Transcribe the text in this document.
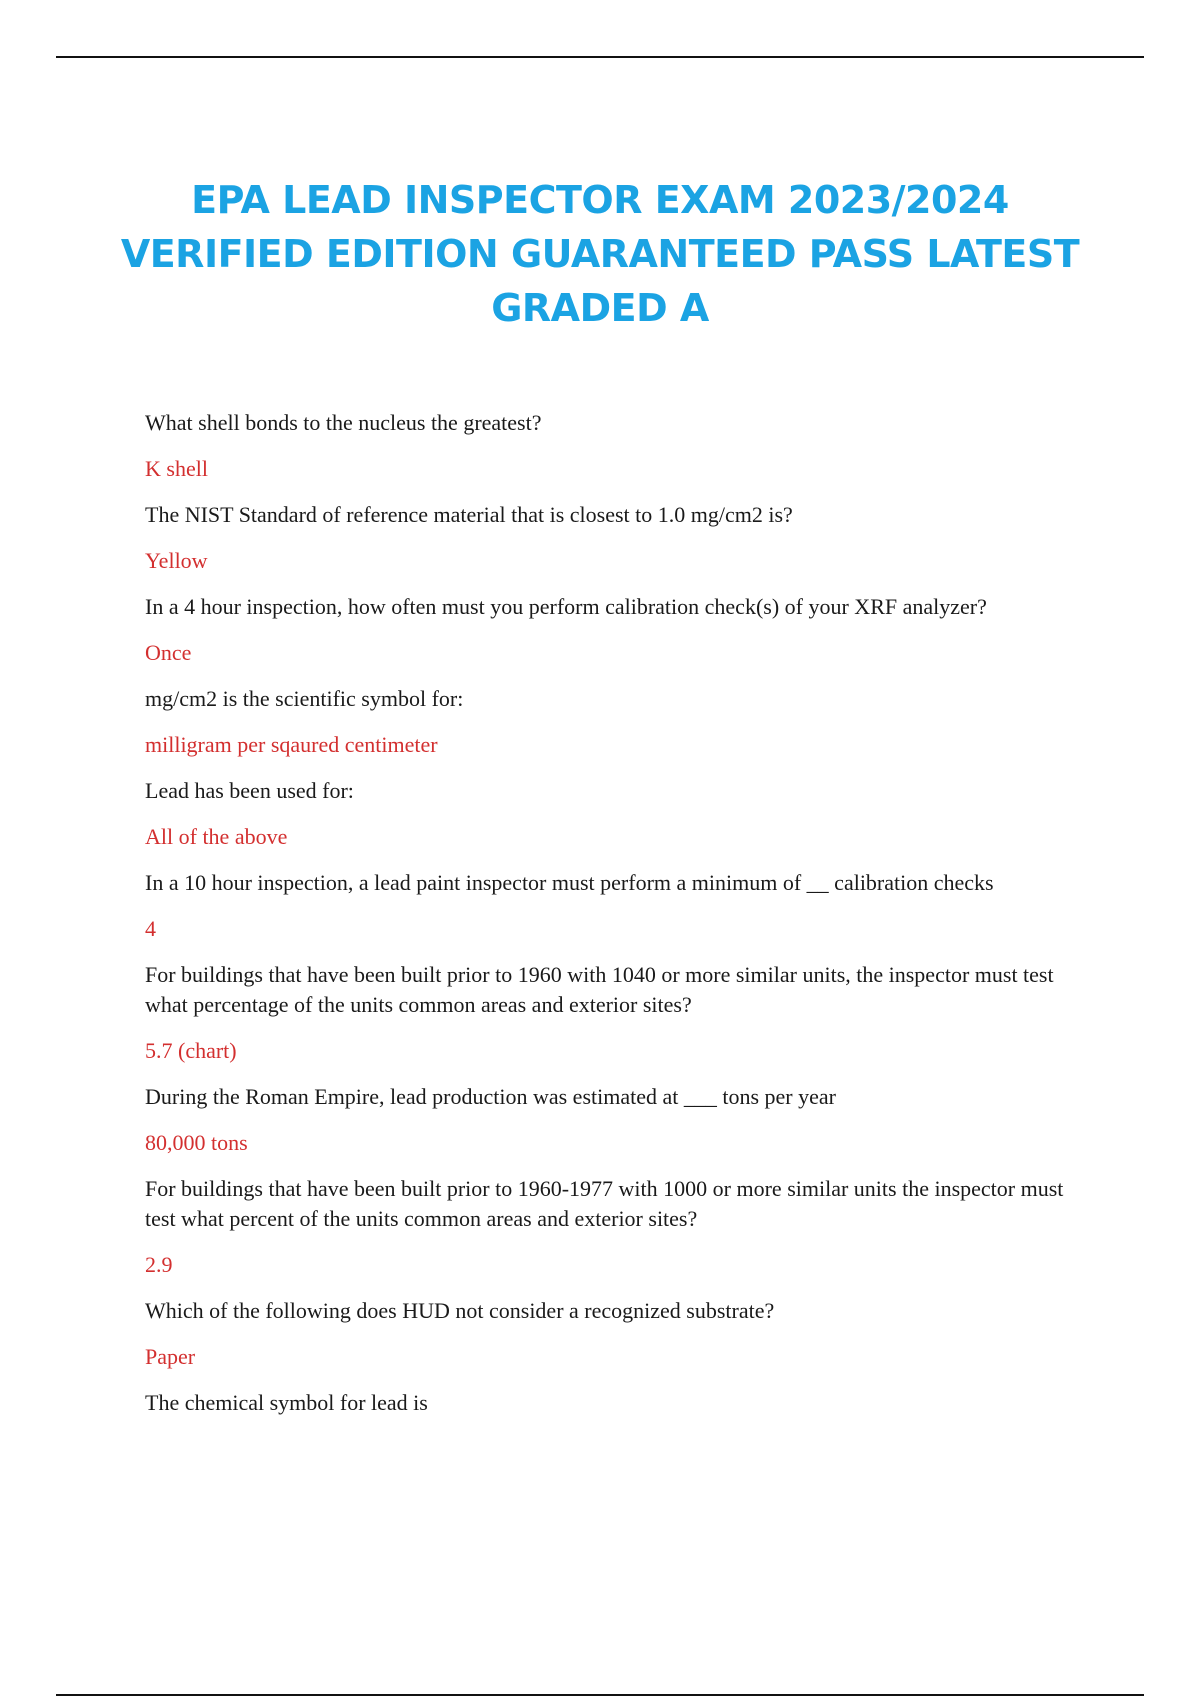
EPA LEAD INSPECTOR EXAM 2023/2024 VERIFIED EDITION GUARANTEED PASS LATEST GRADED A

What shell bonds to the nucleus the greatest?

K shell

The NIST Standard of reference material that is closest to 1.0 mg/cm2 is?

Yellow

In a 4 hour inspection, how often must you perform calibration check(s) of your XRF analyzer?

Once

mg/cm2 is the scientific symbol for:

milligram per sqaured centimeter

Lead has been used for:

All of the above

In a 10 hour inspection, a lead paint inspector must perform a minimum of __ calibration checks

4

For buildings that have been built prior to 1960 with 1040 or more similar units, the inspector must test what percentage of the units common areas and exterior sites?

5.7 (chart)

During the Roman Empire, lead production was estimated at ___ tons per year

80,000 tons

For buildings that have been built prior to 1960-1977 with 1000 or more similar units the inspector must test what percent of the units common areas and exterior sites?

2.9

Which of the following does HUD not consider a recognized substrate?

Paper

The chemical symbol for lead is
